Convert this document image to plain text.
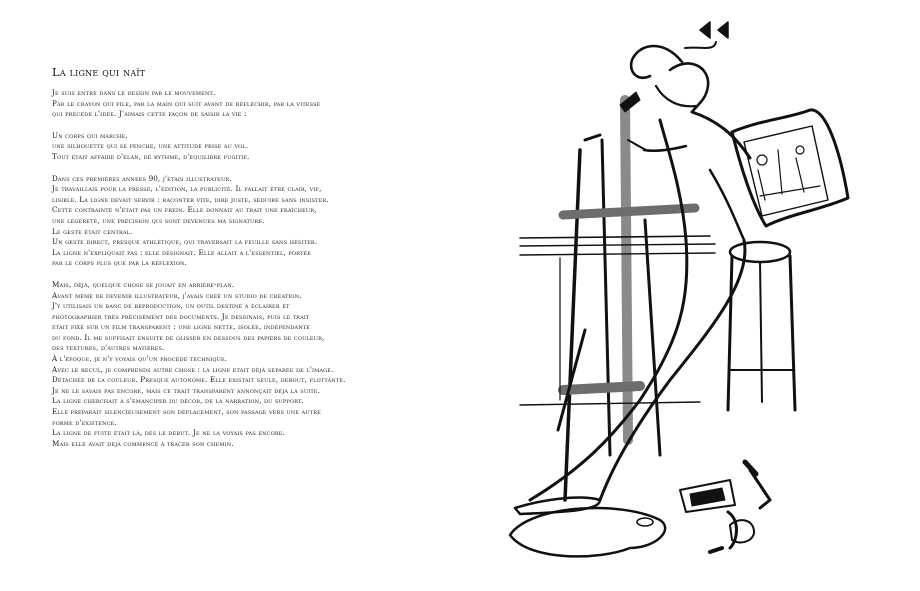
La ligne qui naît
Je suis entré dans le dessin par le mouvement.
Par le crayon qui file, par la main qui suit avant de réfléchir, par la vitesse
qui précède l'idée. J'aimais cette façon de saisir la vie :
Un corps qui marche,
une silhouette qui se penche, une attitude prise au vol.
Tout était affaire d'élan, de rythme, d'équilibre fugitif.
Dans ces premières années 90, j'étais illustrateur.
Je travaillais pour la presse, l'édition, la publicité. Il fallait être clair, vif,
lisible. La ligne devait servir : raconter vite, dire juste, séduire sans insister.
Cette contrainte n'était pas un frein. Elle donnait au trait une fraîcheur,
une légèreté, une précision qui sont devenues ma signature.
Le geste était central.
Un geste direct, presque athlétique, qui traversait la feuille sans hésiter.
La ligne n'expliquait pas : elle désignait. Elle allait à l'essentiel, portée
par le corps plus que par la réflexion.
Mais, déjà, quelque chose se jouait en arrière-plan.
Avant même de devenir illustrateur, j'avais créé un studio de création.
J'y utilisais un banc de reproduction, un outil destiné à éclairer et
photographier très précisément des documents. Je dessinais, puis le trait
était fixé sur un film transparent : une ligne nette, isolée, indépendante
du fond. Il me suffisait ensuite de glisser en dessous des papiers de couleur,
des textures, d'autres matières.
À l'époque, je n'y voyais qu'un procédé technique.
Avec le recul, je comprends autre chose : la ligne était déjà séparée de l'image.
Détachée de la couleur. Presque autonome. Elle existait seule, debout, flottante.
Je ne le savais pas encore, mais ce trait transparent annonçait déjà la suite.
La ligne cherchait à s'émanciper du décor, de la narration, du support.
Elle préparait silencieusement son déplacement, son passage vers une autre
forme d'existence.
La ligne de fuite était là, dès le début. Je ne la voyais pas encore.
Mais elle avait déjà commencé à tracer son chemin.
